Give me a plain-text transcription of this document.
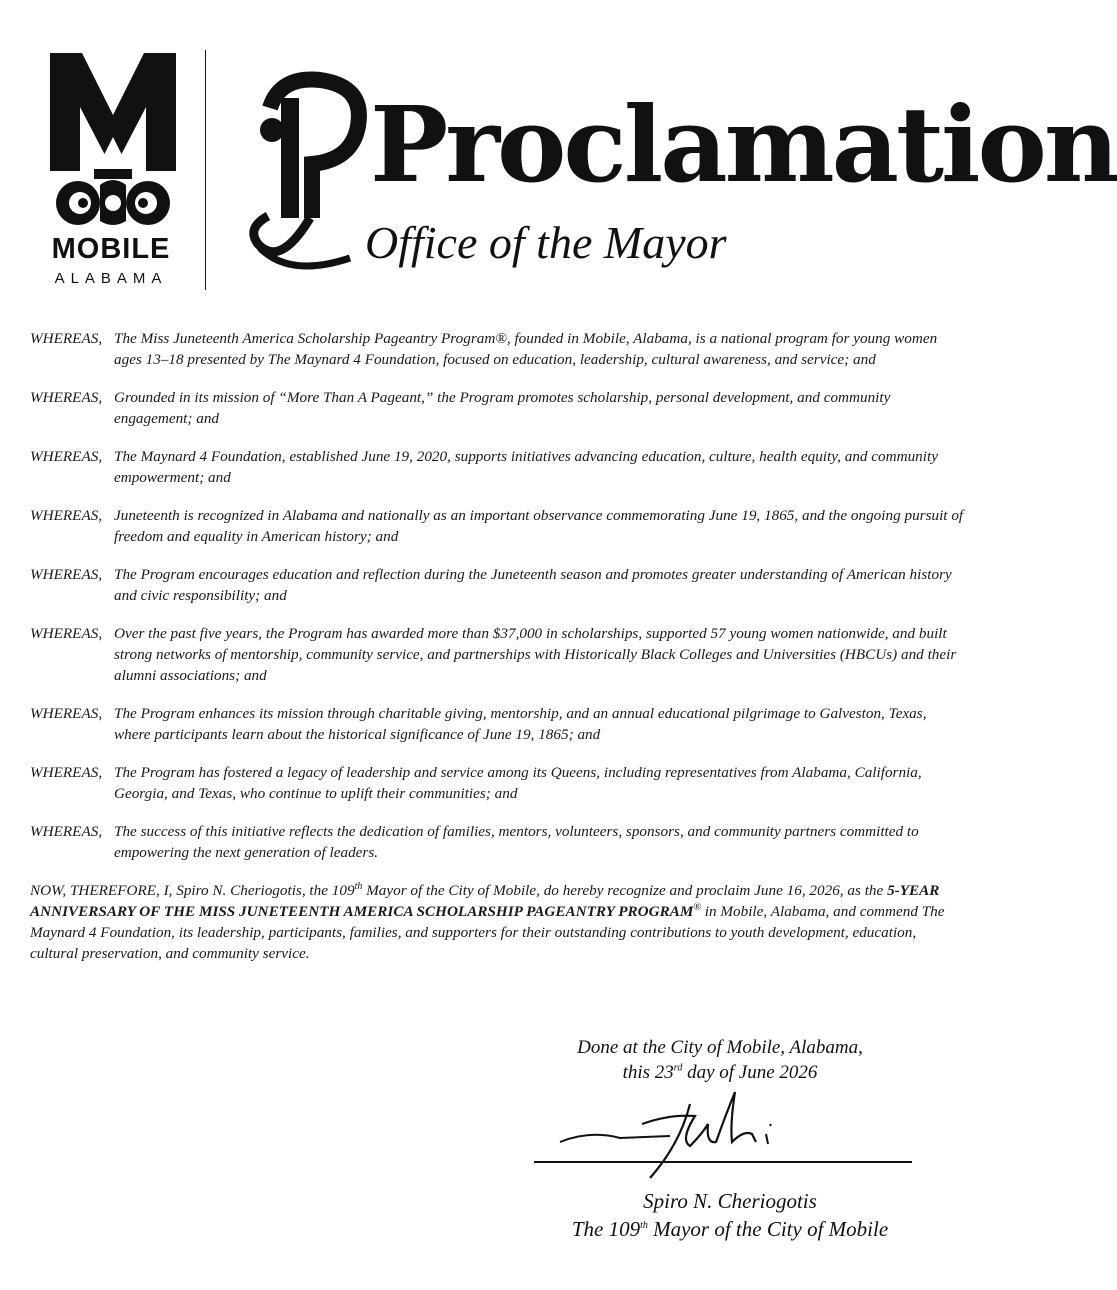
MOBILE
ALABAMA
Proclamation
Office of the Mayor
WHEREAS, The Miss Juneteenth America Scholarship Pageantry Program®, founded in Mobile, Alabama, is a national program for young women ages 13–18 presented by The Maynard 4 Foundation, focused on education, leadership, cultural awareness, and service; and
WHEREAS, Grounded in its mission of “More Than A Pageant,” the Program promotes scholarship, personal development, and community engagement; and
WHEREAS, The Maynard 4 Foundation, established June 19, 2020, supports initiatives advancing education, culture, health equity, and community empowerment; and
WHEREAS, Juneteenth is recognized in Alabama and nationally as an important observance commemorating June 19, 1865, and the ongoing pursuit of freedom and equality in American history; and
WHEREAS, The Program encourages education and reflection during the Juneteenth season and promotes greater understanding of American history and civic responsibility; and
WHEREAS, Over the past five years, the Program has awarded more than $37,000 in scholarships, supported 57 young women nationwide, and built strong networks of mentorship, community service, and partnerships with Historically Black Colleges and Universities (HBCUs) and their alumni associations; and
WHEREAS, The Program enhances its mission through charitable giving, mentorship, and an annual educational pilgrimage to Galveston, Texas, where participants learn about the historical significance of June 19, 1865; and
WHEREAS, The Program has fostered a legacy of leadership and service among its Queens, including representatives from Alabama, California, Georgia, and Texas, who continue to uplift their communities; and
WHEREAS, The success of this initiative reflects the dedication of families, mentors, volunteers, sponsors, and community partners committed to empowering the next generation of leaders.
NOW, THEREFORE, I, Spiro N. Cheriogotis, the 109th Mayor of the City of Mobile, do hereby recognize and proclaim June 16, 2026, as the 5-YEAR ANNIVERSARY OF THE MISS JUNETEENTH AMERICA SCHOLARSHIP PAGEANTRY PROGRAM® in Mobile, Alabama, and commend The Maynard 4 Foundation, its leadership, participants, families, and supporters for their outstanding contributions to youth development, education, cultural preservation, and community service.
Done at the City of Mobile, Alabama,
this 23rd day of June 2026
Spiro N. Cheriogotis
The 109th Mayor of the City of Mobile
